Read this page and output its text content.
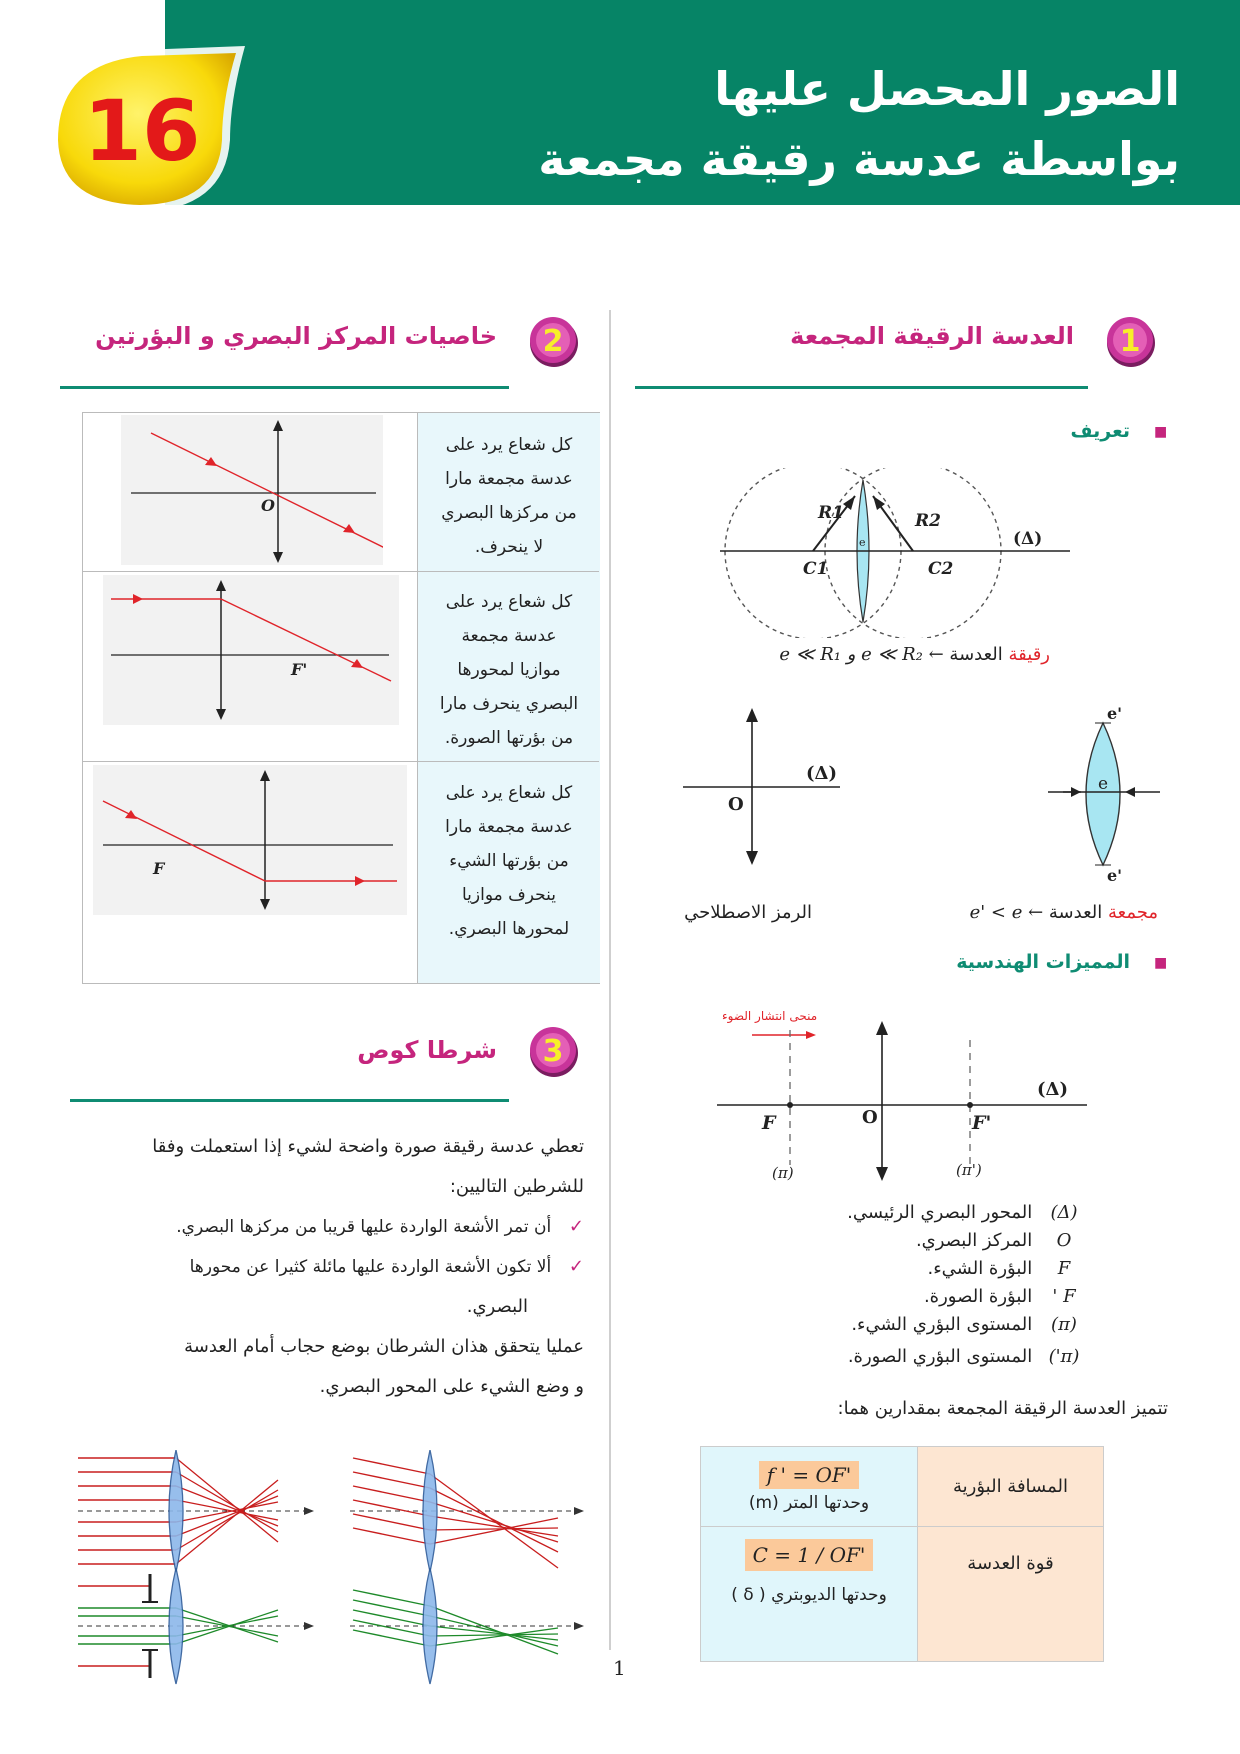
الصور المحصل عليها
بواسطة عدسة رقيقة مجمعة
16
1
العدسة الرقيقة المجمعة
■
تعريف
R1	R2
C1	C2
e	(Δ)
رقيقة العدسة e ≪ R₁ و e ≪ R₂ ←
e
e'
e'
O
(Δ)
مجمعة العدسة e' < e ←
الرمز الاصطلاحي
■
المميزات الهندسية
منحى انتشار الضوء
O
F	F'
(Δ)
(π)	(π')
(Δ) المحور البصري الرئيسي.
O المركز البصري.
F البؤرة الشيء.
F ' البؤرة الصورة.
(π) المستوى البؤري الشيء.
(π') المستوى البؤري الصورة.
تتميز العدسة الرقيقة المجمعة بمقدارين هما:
f ' = OF'
وحدتها المتر (m)	المسافة البؤرية
C = 1 / OF'
وحدتها الديوبتري ( δ )	قوة العدسة
2
خاصيات المركز البصري و البؤرتين
كل شعاع يرد على
عدسة مجمعة مارا
من مركزها البصري
لا ينحرف.
O
كل شعاع يرد على
عدسة مجمعة
موازيا لمحورها
البصري ينحرف مارا
من بؤرتها الصورة.
F'
كل شعاع يرد على
عدسة مجمعة مارا
من بؤرتها الشيء
ينحرف موازيا
لمحورها البصري.
F
3
شرطا كوص
تعطي عدسة رقيقة صورة واضحة لشيء إذا استعملت وفقا
للشرطين التاليين:
✓ أن تمر الأشعة الواردة عليها قريبا من مركزها البصري.
✓ ألا تكون الأشعة الواردة عليها مائلة كثيرا عن محورها
البصري.
عمليا يتحقق هذان الشرطان بوضع حجاب أمام العدسة
و وضع الشيء على المحور البصري.
1
